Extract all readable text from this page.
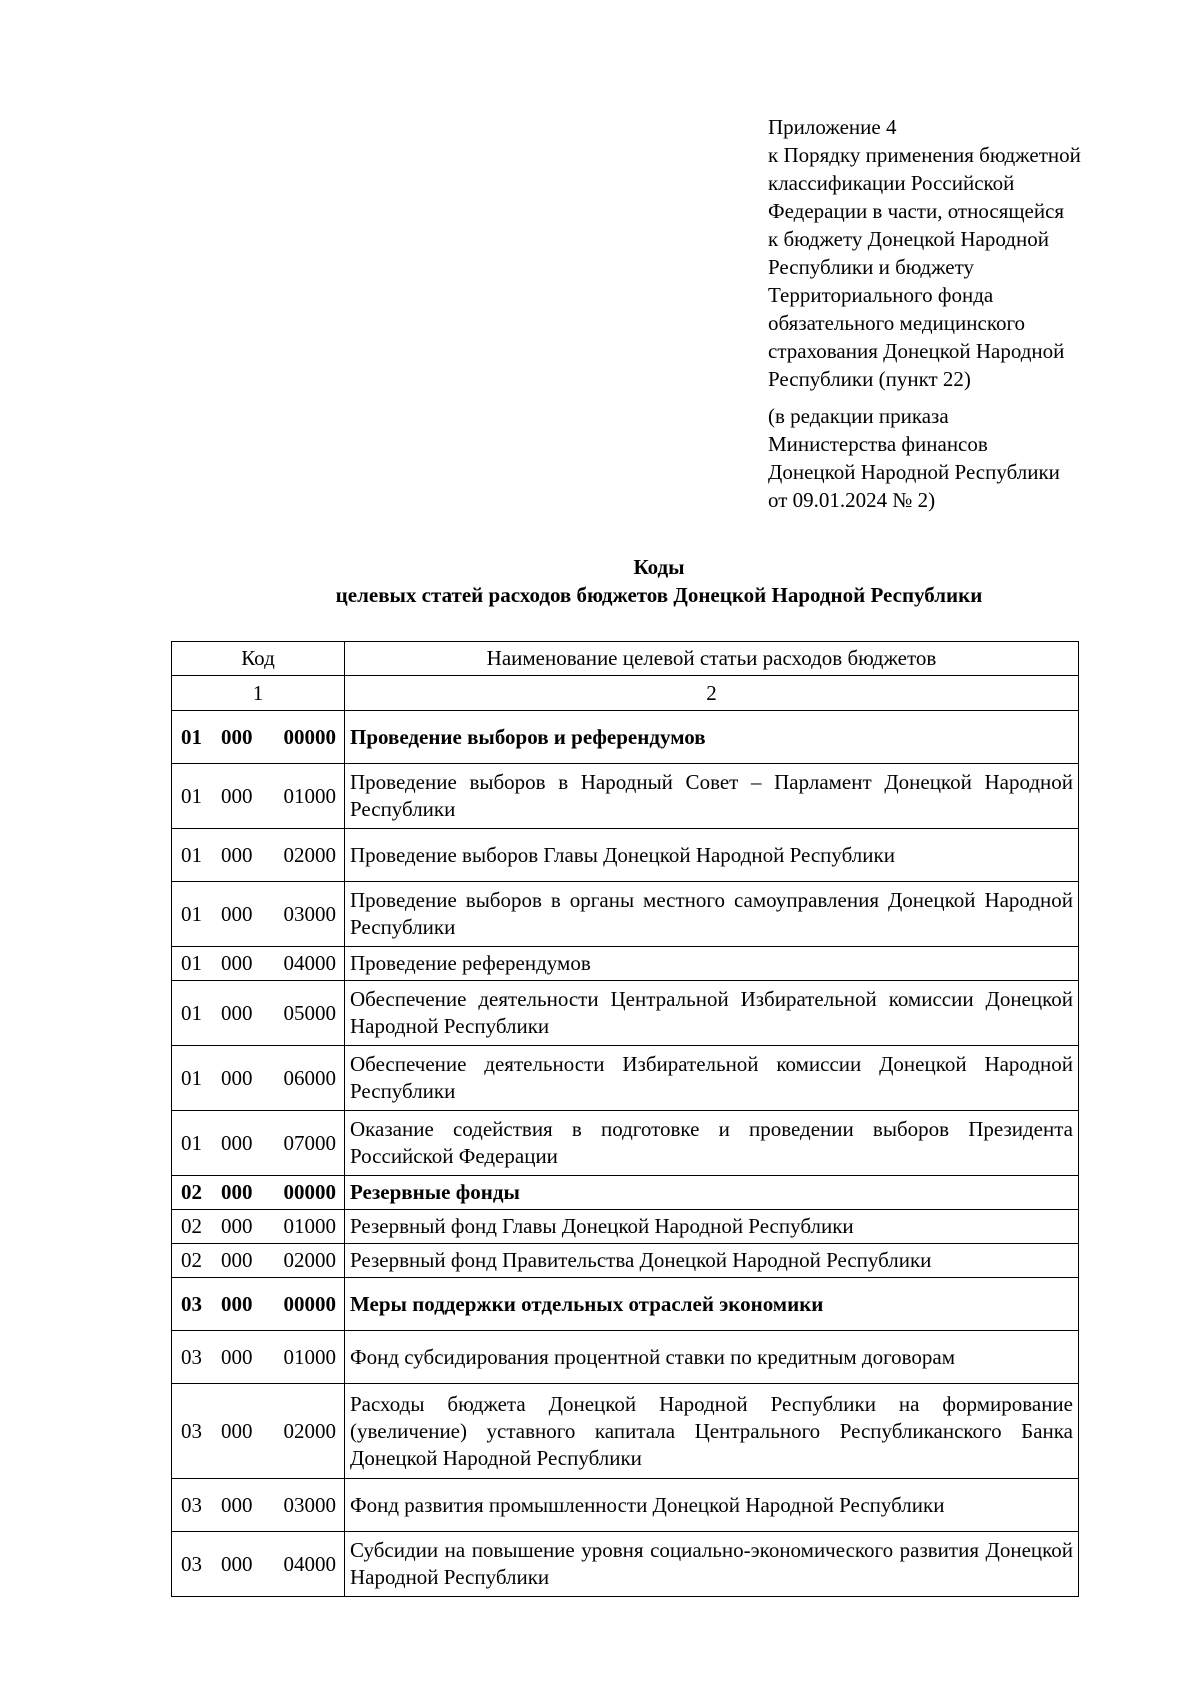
Приложение 4
к Порядку применения бюджетной
классификации Российской
Федерации в части, относящейся
к бюджету Донецкой Народной
Республики и бюджету
Территориального фонда
обязательного медицинского
страхования Донецкой Народной
Республики (пункт 22)
(в редакции приказа
Министерства финансов
Донецкой Народной Республики
от 09.01.2024 № 2)
Коды
целевых статей расходов бюджетов Донецкой Народной Республики
Код	Наименование целевой статьи расходов бюджетов
1	2

01 000 00000	Проведение выборов и референдумов

01 000 01000	Проведение выборов в Народный Совет – Парламент Донецкой Народной Республики

01 000 02000	Проведение выборов Главы Донецкой Народной Республики

01 000 03000	Проведение выборов в органы местного самоуправления Донецкой Народной Республики

01 000 04000	Проведение референдумов

01 000 05000	Обеспечение деятельности Центральной Избирательной комиссии Донецкой Народной Республики

01 000 06000	Обеспечение деятельности Избирательной комиссии Донецкой Народной Республики

01 000 07000	Оказание содействия в подготовке и проведении выборов Президента Российской Федерации

02 000 00000	Резервные фонды

02 000 01000	Резервный фонд Главы Донецкой Народной Республики

02 000 02000	Резервный фонд Правительства Донецкой Народной Республики

03 000 00000	Меры поддержки отдельных отраслей экономики

03 000 01000	Фонд субсидирования процентной ставки по кредитным договорам

03 000 02000	Расходы бюджета Донецкой Народной Республики на формирование (увеличение) уставного капитала Центрального Республиканского Банка Донецкой Народной Республики

03 000 03000	Фонд развития промышленности Донецкой Народной Республики

03 000 04000	Субсидии на повышение уровня социально-экономического развития Донецкой Народной Республики
